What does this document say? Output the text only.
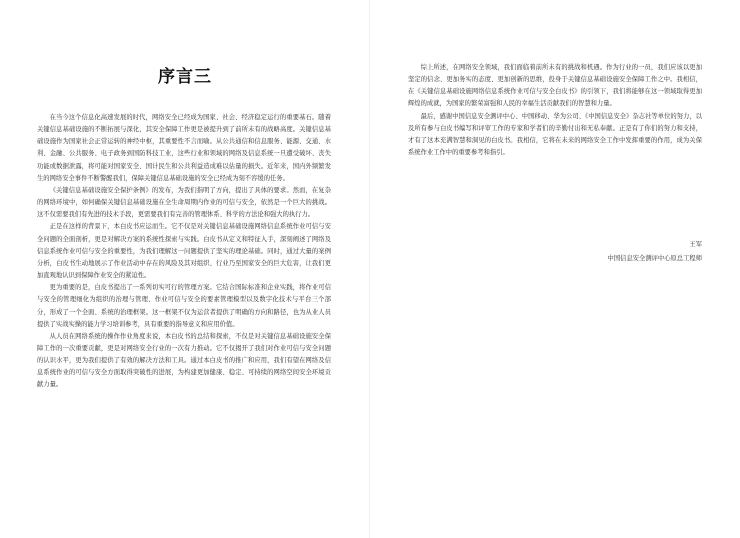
序言三

在当今这个信息化高速发展的时代，网络安全已经成为国家、社会、经济稳定运行的重要基石。随着关键信息基础设施的不断拓展与深化，其安全保障工作更是被提升到了前所未有的战略高度。关键信息基础设施作为国家社会正常运转的神经中枢，其重要性不言而喻。从公共通信和信息服务、能源、交通、水利、金融、公共服务、电子政务到国防科技工业，这些行业和领域的网络及信息系统一旦遭受破坏、丧失功能或数据泄露，将可能对国家安全、国计民生和公共利益造成难以估量的损失。近年来，国内外频繁发生的网络安全事件不断警醒我们，保障关键信息基础设施的安全已经成为刻不容缓的任务。

《关键信息基础设施安全保护条例》的发布，为我们指明了方向，提出了具体的要求。然而，在复杂的网络环境中，如何确保关键信息基础设施在全生命周期内作业的可信与安全，依然是一个巨大的挑战。这不仅需要我们有先进的技术手段，更需要我们有完善的管理体系、科学的方法论和强大的执行力。

正是在这样的背景下，本白皮书应运而生。它不仅是对关键信息基础设施网络信息系统作业可信与安全问题的全面剖析，更是对解决方案的系统性探索与实践。白皮书从定义和特征入手，深刻阐述了网络及信息系统作业可信与安全的重要性，为我们理解这一问题提供了坚实的理论基础。同时，通过大量的案例分析，白皮书生动地展示了作业活动中存在的风险及其对组织、行业乃至国家安全的巨大危害，让我们更加直观地认识到保障作业安全的紧迫性。

更为重要的是，白皮书提出了一系列切实可行的管理方案。它结合国际标准和企业实践，将作业可信与安全的管理细化为组织的治理与管理、作业可信与安全的要素管理模型以及数字化技术与平台三个部分，形成了一个全面、系统的治理框架。这一框架不仅为运营者提供了明确的方向和路径，也为从业人员提供了实战实操的能力学习培训参考，具有重要的指导意义和应用价值。

从人员在网络系统的操作作业角度来说，本白皮书的总结和探索，不仅是对关键信息基础设施安全保障工作的一次重要贡献，更是对网络安全行业的一次有力推动。它不仅揭开了我们对作业可信与安全问题的认识水平，更为我们提供了有效的解决方法和工具。通过本白皮书的推广和应用，我们有望在网络及信息系统作业的可信与安全方面取得突破性的进展，为构建更加健康、稳定、可持续的网络空间安全环境贡献力量。

综上所述，在网络安全领域，我们面临着前所未有的挑战和机遇。作为行业的一员，我们应该以更加坚定的信念、更加务实的态度、更加创新的思维，投身于关键信息基础设施安全保障工作之中。我相信，在《关键信息基础设施网络信息系统作业可信与安全白皮书》的引领下，我们将能够在这一领域取得更加辉煌的成就，为国家的繁荣富强和人民的幸福生活贡献我们的智慧和力量。

最后，感谢中国信息安全测评中心、中国移动、华为公司、《中国信息安全》杂志社等单位的努力，以及所有参与白皮书编写和评审工作的专家和学者们的辛勤付出和无私奉献。正是有了你们的努力和支持，才有了这本充满智慧和洞见的白皮书。我相信，它将在未来的网络安全工作中发挥重要的作用，成为关保系统作业工作中的重要参考和指引。

王军
中国信息安全测评中心原总工程师
